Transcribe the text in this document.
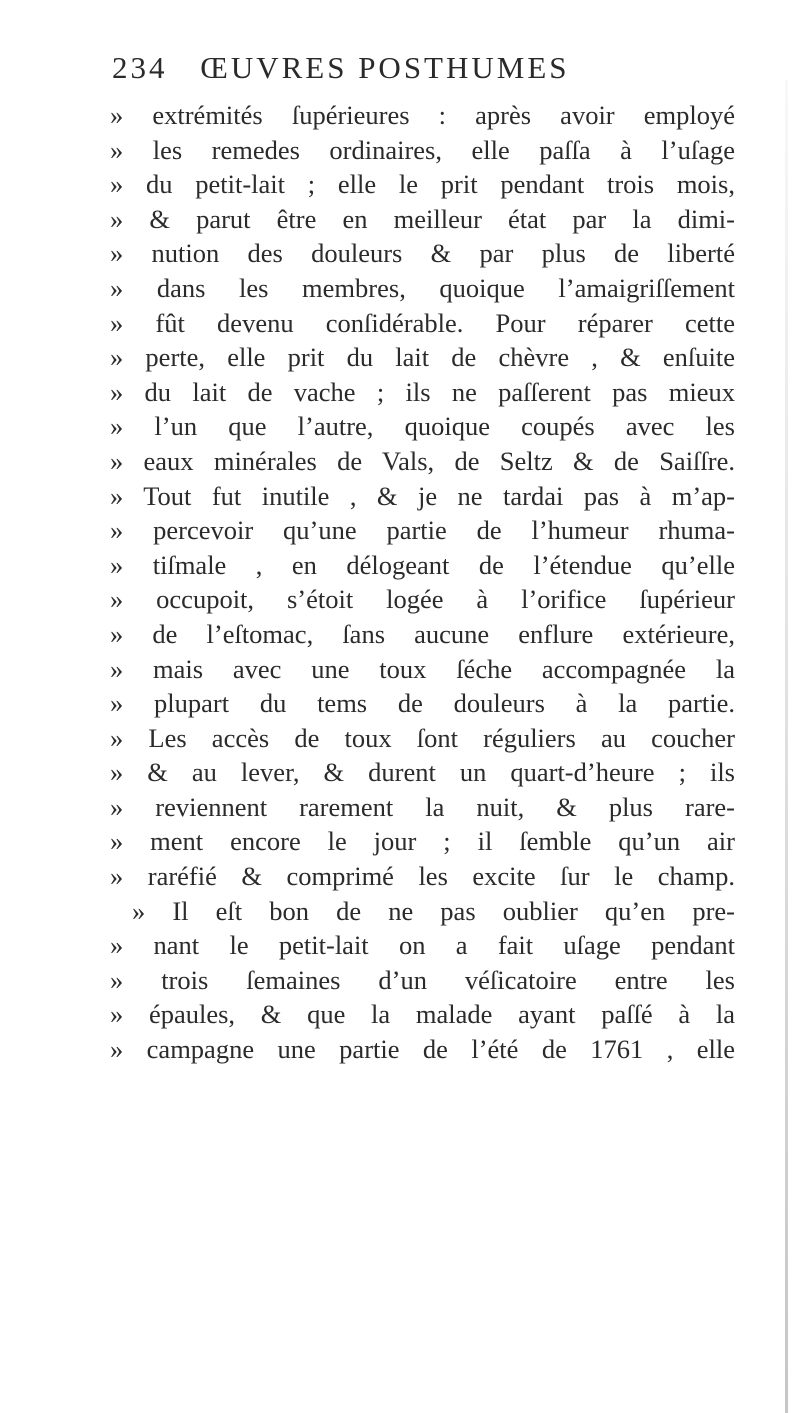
234 ŒUVRES POSTHUMES
» extrémités ſupérieures : après avoir employé
» les remedes ordinaires, elle paſſa à l’uſage
» du petit-lait ; elle le prit pendant trois mois,
» & parut être en meilleur état par la dimi-
» nution des douleurs & par plus de liberté
» dans les membres, quoique l’amaigriſſement
» fût devenu conſidérable. Pour réparer cette
» perte, elle prit du lait de chèvre , & enſuite
» du lait de vache ; ils ne paſſerent pas mieux
» l’un que l’autre, quoique coupés avec les
» eaux minérales de Vals, de Seltz & de Saiſſre.
» Tout fut inutile , & je ne tardai pas à m’ap-
» percevoir qu’une partie de l’humeur rhuma-
» tiſmale , en délogeant de l’étendue qu’elle
» occupoit, s’étoit logée à l’orifice ſupérieur
» de l’eſtomac, ſans aucune enflure extérieure,
» mais avec une toux ſéche accompagnée la
» plupart du tems de douleurs à la partie.
» Les accès de toux ſont réguliers au coucher
» & au lever, & durent un quart-d’heure ; ils
» reviennent rarement la nuit, & plus rare-
» ment encore le jour ; il ſemble qu’un air
» raréfié & comprimé les excite ſur le champ.
» Il eſt bon de ne pas oublier qu’en pre-
» nant le petit-lait on a fait uſage pendant
» trois ſemaines d’un véſicatoire entre les
» épaules, & que la malade ayant paſſé à la
» campagne une partie de l’été de 1761 , elle
